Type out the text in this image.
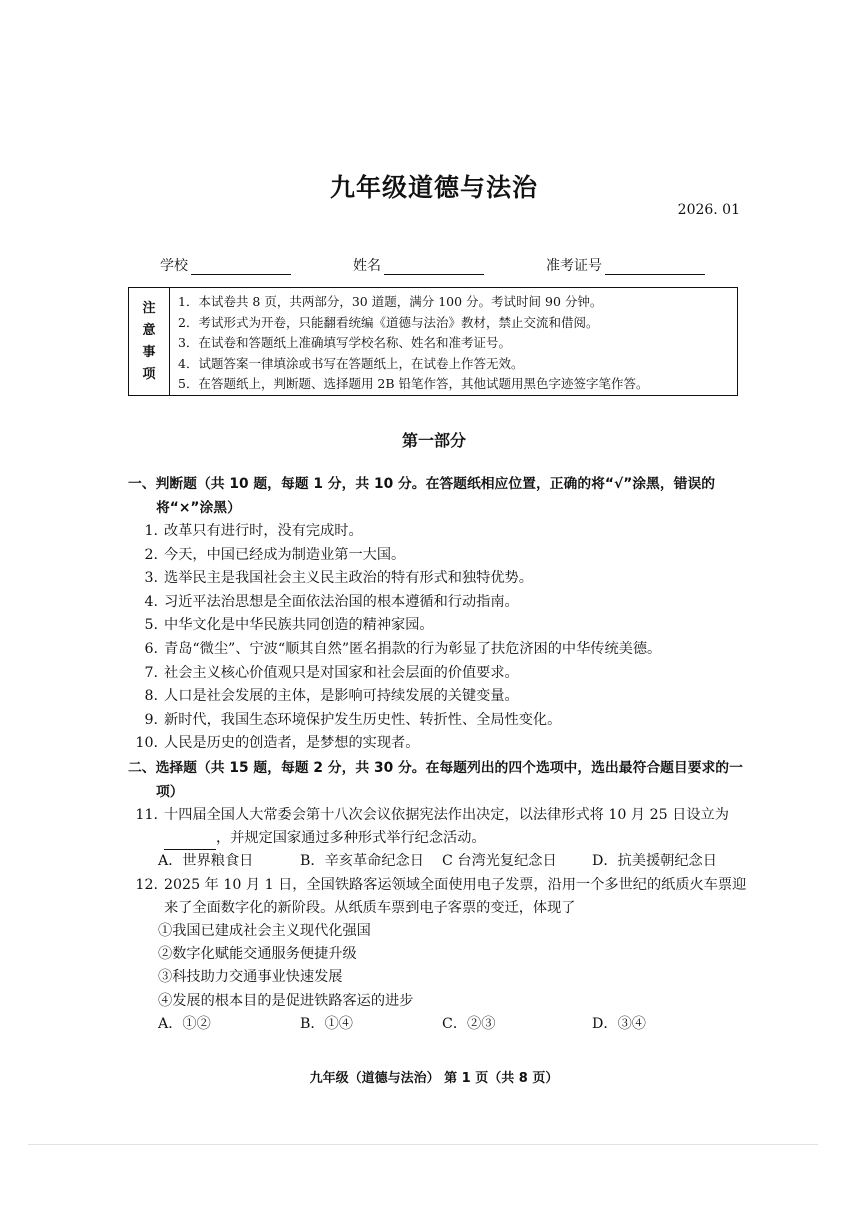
九年级道德与法治
2026. 01
学校	姓名	准考证号
注
意
事
项
1．本试卷共 8 页，共两部分，30 道题，满分 100 分。考试时间 90 分钟。
2．考试形式为开卷，只能翻看统编《道德与法治》教材，禁止交流和借阅。
3．在试卷和答题纸上准确填写学校名称、姓名和准考证号。
4．试题答案一律填涂或书写在答题纸上，在试卷上作答无效。
5．在答题纸上，判断题、选择题用 2B 铅笔作答，其他试题用黑色字迹签字笔作答。
第一部分

一、判断题（共 10 题，每题 1 分，共 10 分。在答题纸相应位置，正确的将“√”涂黑，错误的将“×”涂黑）

1. 改革只有进行时，没有完成时。
2. 今天，中国已经成为制造业第一大国。
3. 选举民主是我国社会主义民主政治的特有形式和独特优势。
4. 习近平法治思想是全面依法治国的根本遵循和行动指南。
5. 中华文化是中华民族共同创造的精神家园。
6. 青岛“微尘”、宁波“顺其自然”匿名捐款的行为彰显了扶危济困的中华传统美德。
7. 社会主义核心价值观只是对国家和社会层面的价值要求。
8. 人口是社会发展的主体，是影响可持续发展的关键变量。
9. 新时代，我国生态环境保护发生历史性、转折性、全局性变化。
10. 人民是历史的创造者，是梦想的实现者。

二、选择题（共 15 题，每题 2 分，共 30 分。在每题列出的四个选项中，选出最符合题目要求的一项）

11. 十四届全国人大常委会第十八次会议依据宪法作出决定，以法律形式将 10 月 25 日设立为，并规定国家通过多种形式举行纪念活动。
A．世界粮食日	B．辛亥革命纪念日	C 台湾光复纪念日	D．抗美援朝纪念日
12. 2025 年 10 月 1 日，全国铁路客运领域全面使用电子发票，沿用一个多世纪的纸质火车票迎来了全面数字化的新阶段。从纸质车票到电子客票的变迁，体现了
①我国已建成社会主义现代化强国
②数字化赋能交通服务便捷升级
③科技助力交通事业快速发展
④发展的根本目的是促进铁路客运的进步
A．①②	B．①④	C．②③	D．③④
九年级（道德与法治） 第 1 页（共 8 页）
